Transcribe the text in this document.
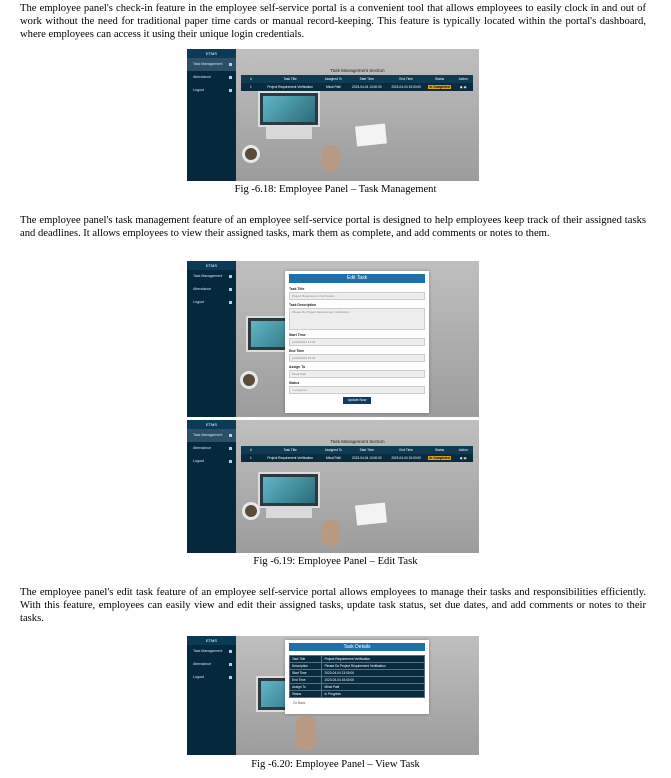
The employee panel's check-in feature in the employee self-service portal is a convenient tool that allows employees to easily clock in and out of work without the need for traditional paper time cards or manual record-keeping. This feature is typically located within the portal's dashboard, where employees can access it using their unique login credentials.

ETMS
Task Management
Attendance
Logout
Task Management Section
#	Task Title	Assigned To	Start Time	End Time	Status	Action
1	Project Requirement Verification	Minal Patil	2023-04-04 13:00:00	2023-04-04 15:00:00	In Completed	▣ ▣
Fig -6.18: Employee Panel – Task Management

The employee panel's task management feature of an employee self-service portal is designed to help employees keep track of their assigned tasks and deadlines. It allows employees to view their assigned tasks, mark them as complete, and add comments or notes to them.

ETMS
Task Management
Attendance
Logout
Edit Task
Task Title
Project Requirement Verification
Task Description
Please Do Project Requirement Verification
Start Time
12/04/2023 13:00
End Time
12/04/2023 15:00
Assign To
Minal Patil
Status
In progress
Update Now
ETMS
Task Management
Attendance
Logout
Task Management Section
#	Task Title	Assigned To	Start Time	End Time	Status	Action
1	Project Requirement Verification	Minal Patil	2023-04-04 13:00:00	2023-04-04 15:00:00	In Completed	▣ ▣
Fig -6.19: Employee Panel – Edit Task

The employee panel's edit task feature of an employee self-service portal allows employees to manage their tasks and responsibilities efficiently. With this feature, employees can easily view and edit their assigned tasks, update task status, set due dates, and add comments or notes to their tasks.

ETMS
Task Management
Attendance
Logout
Task Details
Task Title	Project Requirement Verification
Description	Please Do Project Requirement Verification
Start Time	2023-04-04 13:00:00
End Time	2023-04-04 15:00:00
Assign To	Minal Patil
Status	In Progress
Go Back
Fig -6.20: Employee Panel – View Task
